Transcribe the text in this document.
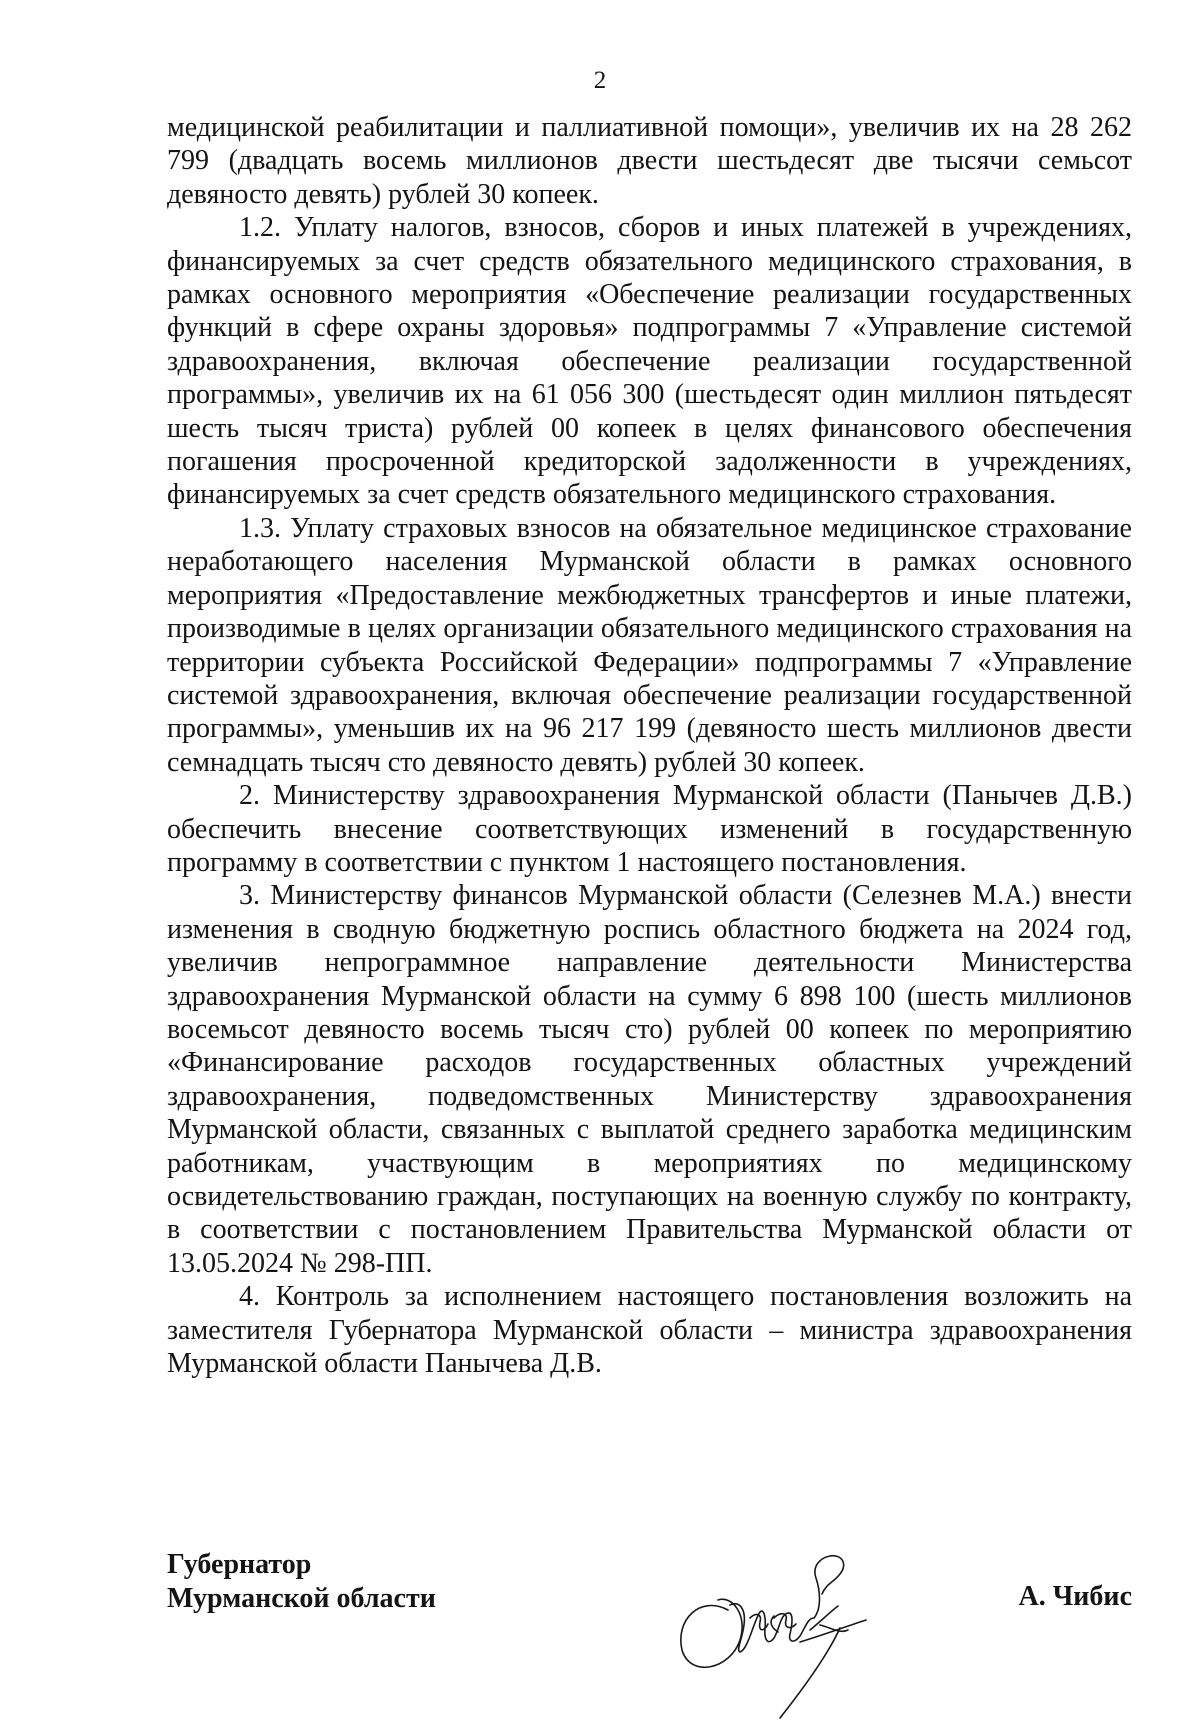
2

медицинской реабилитации и паллиативной помощи», увеличив их на 28 262 799 (двадцать восемь миллионов двести шестьдесят две тысячи семьсот девяносто девять) рублей 30 копеек.

1.2. Уплату налогов, взносов, сборов и иных платежей в учреждениях, финансируемых за счет средств обязательного медицинского страхования, в рамках основного мероприятия «Обеспечение реализации государственных функций в сфере охраны здоровья» подпрограммы 7 «Управление системой здравоохранения, включая обеспечение реализации государственной программы», увеличив их на 61 056 300 (шестьдесят один миллион пятьдесят шесть тысяч триста) рублей 00 копеек в целях финансового обеспечения погашения просроченной кредиторской задолженности в учреждениях, финансируемых за счет средств обязательного медицинского страхования.

1.3. Уплату страховых взносов на обязательное медицинское страхование неработающего населения Мурманской области в рамках основного мероприятия «Предоставление межбюджетных трансфертов и иные платежи, производимые в целях организации обязательного медицинского страхования на территории субъекта Российской Федерации» подпрограммы 7 «Управление системой здравоохранения, включая обеспечение реализации государственной программы», уменьшив их на 96 217 199 (девяносто шесть миллионов двести семнадцать тысяч сто девяносто девять) рублей 30 копеек.

2. Министерству здравоохранения Мурманской области (Панычев Д.В.) обеспечить внесение соответствующих изменений в государственную программу в соответствии с пунктом 1 настоящего постановления.

3. Министерству финансов Мурманской области (Селезнев М.А.) внести изменения в сводную бюджетную роспись областного бюджета на 2024 год, увеличив непрограммное направление деятельности Министерства здравоохранения Мурманской области на сумму 6 898 100 (шесть миллионов восемьсот девяносто восемь тысяч сто) рублей 00 копеек по мероприятию «Финансирование расходов государственных областных учреждений здравоохранения, подведомственных Министерству здравоохранения Мурманской области, связанных с выплатой среднего заработка медицинским работникам, участвующим в мероприятиях по медицинскому освидетельствованию граждан, поступающих на военную службу по контракту, в соответствии с постановлением Правительства Мурманской области от 13.05.2024 № 298-ПП.

4. Контроль за исполнением настоящего постановления возложить на заместителя Губернатора Мурманской области – министра здравоохранения Мурманской области Панычева Д.В.

Губернатор
Мурманской области	А. Чибис
